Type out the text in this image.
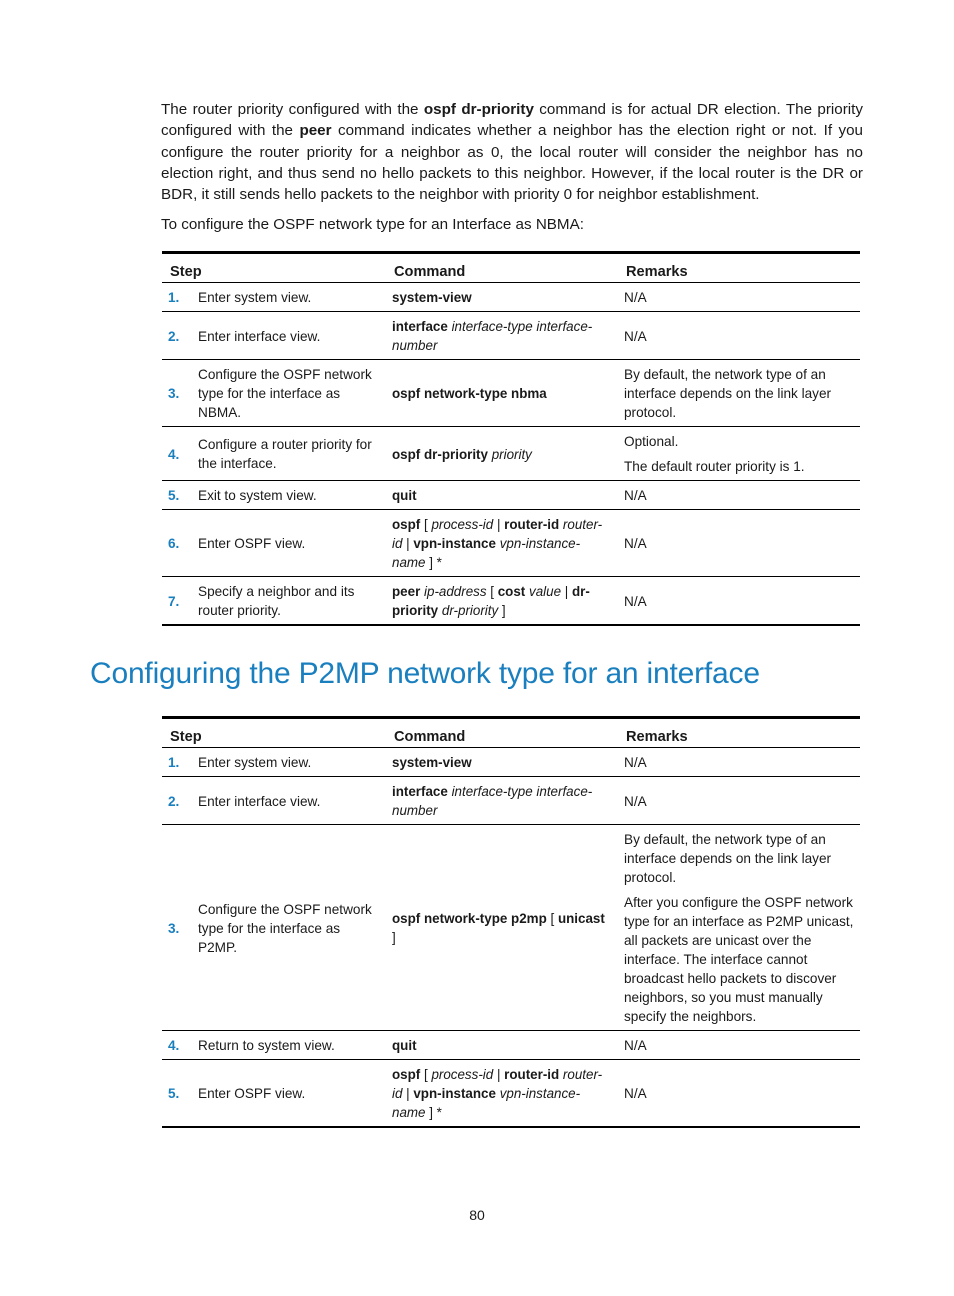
The router priority configured with the ospf dr-priority command is for actual DR election. The priority configured with the peer command indicates whether a neighbor has the election right or not. If you configure the router priority for a neighbor as 0, the local router will consider the neighbor has no election right, and thus send no hello packets to this neighbor. However, if the local router is the DR or BDR, it still sends hello packets to the neighbor with priority 0 for neighbor establishment.

To configure the OSPF network type for an Interface as NBMA:

Step		Command	Remarks
1.	Enter system view.	system-view	N/A

2.	Enter interface view.	interface interface-type interface-number	N/A

3.	Configure the OSPF network type for the interface as NBMA.	ospf network-type nbma	By default, the network type of an interface depends on the link layer protocol.

4.	Configure a router priority for the interface.	ospf dr-priority priority	Optional.

The default router priority is 1.

5.	Exit to system view.	quit	N/A

6.	Enter OSPF view.	ospf [ process-id | router-id router-id | vpn-instance vpn-instance-name ] *	N/A

7.	Specify a neighbor and its router priority.	peer ip-address [ cost value | dr-priority dr-priority ]	N/A

Configuring the P2MP network type for an interface
Step		Command	Remarks
1.	Enter system view.	system-view	N/A

2.	Enter interface view.	interface interface-type interface-number	N/A

3.	Configure the OSPF network type for the interface as P2MP.	ospf network-type p2mp [ unicast ]	By default, the network type of an interface depends on the link layer protocol.

After you configure the OSPF network type for an interface as P2MP unicast, all packets are unicast over the interface. The interface cannot broadcast hello packets to discover neighbors, so you must manually specify the neighbors.

4.	Return to system view.	quit	N/A

5.	Enter OSPF view.	ospf [ process-id | router-id router-id | vpn-instance vpn-instance-name ] *	N/A

80
